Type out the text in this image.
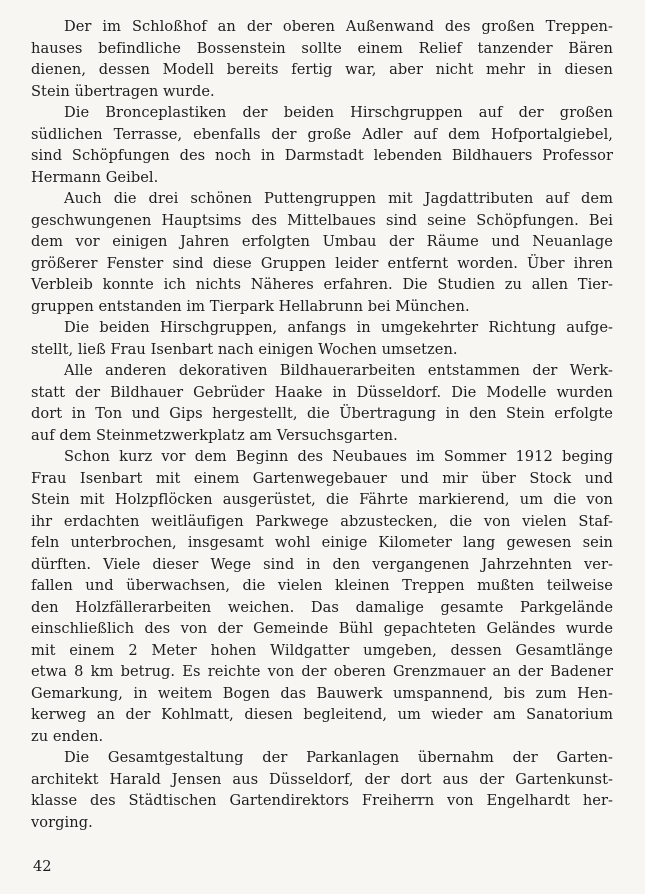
Der im Schloßhof an der oberen Außenwand des großen Treppen-
hauses befindliche Bossenstein sollte einem Relief tanzender Bären
dienen, dessen Modell bereits fertig war, aber nicht mehr in diesen
Stein übertragen wurde.

Die Bronceplastiken der beiden Hirschgruppen auf der großen
südlichen Terrasse, ebenfalls der große Adler auf dem Hofportalgiebel,
sind Schöpfungen des noch in Darmstadt lebenden Bildhauers Professor
Hermann Geibel.

Auch die drei schönen Puttengruppen mit Jagdattributen auf dem
geschwungenen Hauptsims des Mittelbaues sind seine Schöpfungen. Bei
dem vor einigen Jahren erfolgten Umbau der Räume und Neuanlage
größerer Fenster sind diese Gruppen leider entfernt worden. Über ihren
Verbleib konnte ich nichts Näheres erfahren. Die Studien zu allen Tier-
gruppen entstanden im Tierpark Hellabrunn bei München.

Die beiden Hirschgruppen, anfangs in umgekehrter Richtung aufge-
stellt, ließ Frau Isenbart nach einigen Wochen umsetzen.

Alle anderen dekorativen Bildhauerarbeiten entstammen der Werk-
statt der Bildhauer Gebrüder Haake in Düsseldorf. Die Modelle wurden
dort in Ton und Gips hergestellt, die Übertragung in den Stein erfolgte
auf dem Steinmetzwerkplatz am Versuchsgarten.

Schon kurz vor dem Beginn des Neubaues im Sommer 1912 beging
Frau Isenbart mit einem Gartenwegebauer und mir über Stock und
Stein mit Holzpflöcken ausgerüstet, die Fährte markierend, um die von
ihr erdachten weitläufigen Parkwege abzustecken, die von vielen Staf-
feln unterbrochen, insgesamt wohl einige Kilometer lang gewesen sein
dürften. Viele dieser Wege sind in den vergangenen Jahrzehnten ver-
fallen und überwachsen, die vielen kleinen Treppen mußten teilweise
den Holzfällerarbeiten weichen. Das damalige gesamte Parkgelände
einschließlich des von der Gemeinde Bühl gepachteten Geländes wurde
mit einem 2 Meter hohen Wildgatter umgeben, dessen Gesamtlänge
etwa 8 km betrug. Es reichte von der oberen Grenzmauer an der Badener
Gemarkung, in weitem Bogen das Bauwerk umspannend, bis zum Hen-
kerweg an der Kohlmatt, diesen begleitend, um wieder am Sanatorium
zu enden.

Die Gesamtgestaltung der Parkanlagen übernahm der Garten-
architekt Harald Jensen aus Düsseldorf, der dort aus der Gartenkunst-
klasse des Städtischen Gartendirektors Freiherrn von Engelhardt her-
vorging.

42
